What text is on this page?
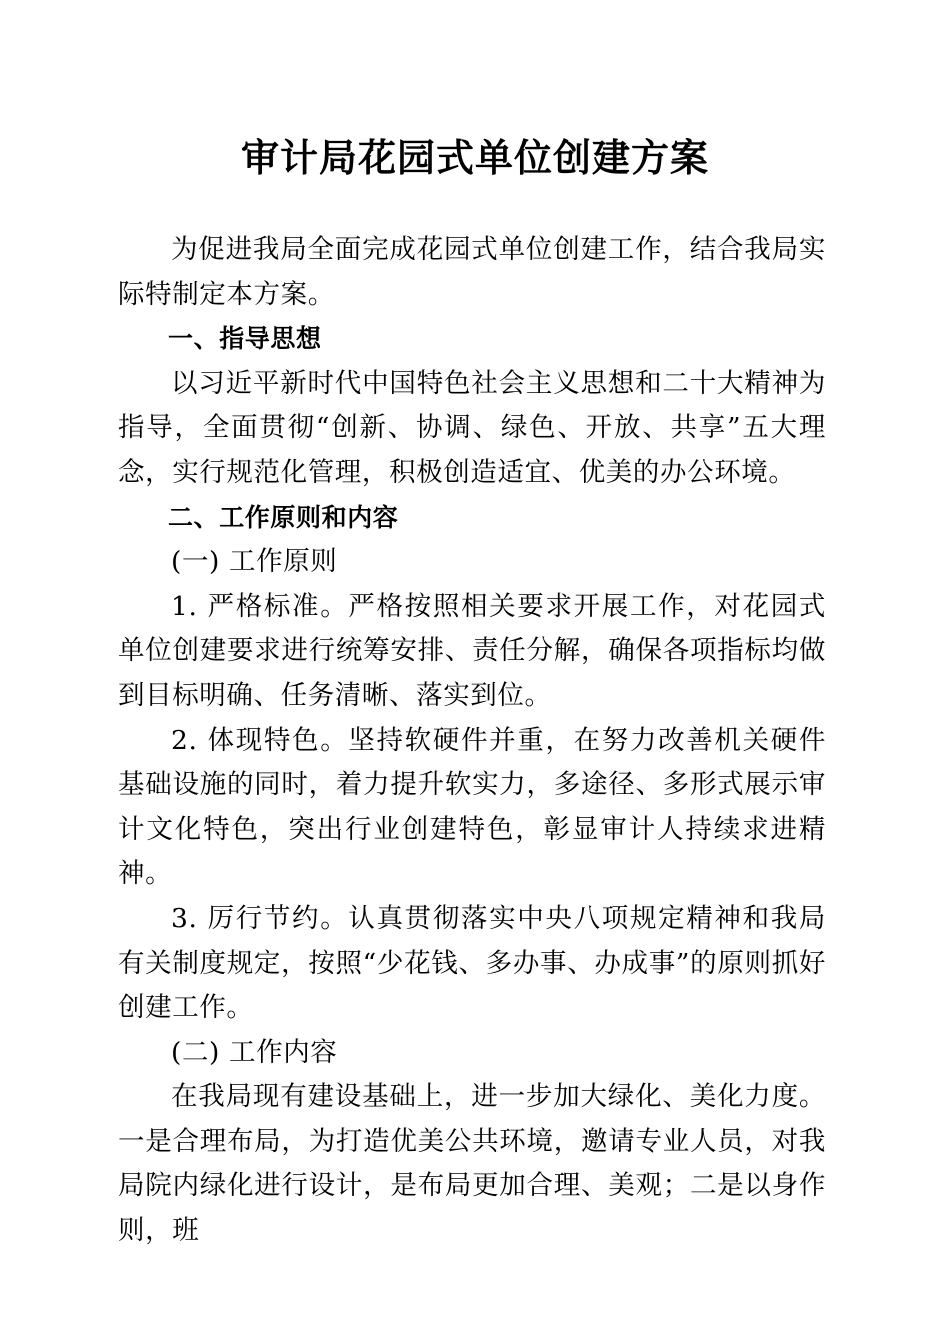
审计局花园式单位创建方案

为促进我局全面完成花园式单位创建工作，结合我局实际特制定本方案。

一、指导思想

以习近平新时代中国特色社会主义思想和二十大精神为指导，全面贯彻“创新、协调、绿色、开放、共享”五大理念，实行规范化管理，积极创造适宜、优美的办公环境。

二、工作原则和内容

(一) 工作原则

1. 严格标准。严格按照相关要求开展工作，对花园式单位创建要求进行统筹安排、责任分解，确保各项指标均做到目标明确、任务清晰、落实到位。

2. 体现特色。坚持软硬件并重，在努力改善机关硬件基础设施的同时，着力提升软实力，多途径、多形式展示审计文化特色，突出行业创建特色，彰显审计人持续求进精神。

3. 厉行节约。认真贯彻落实中央八项规定精神和我局有关制度规定，按照“少花钱、多办事、办成事”的原则抓好创建工作。

(二) 工作内容

在我局现有建设基础上，进一步加大绿化、美化力度。一是合理布局，为打造优美公共环境，邀请专业人员，对我局院内绿化进行设计，是布局更加合理、美观；二是以身作则，班
